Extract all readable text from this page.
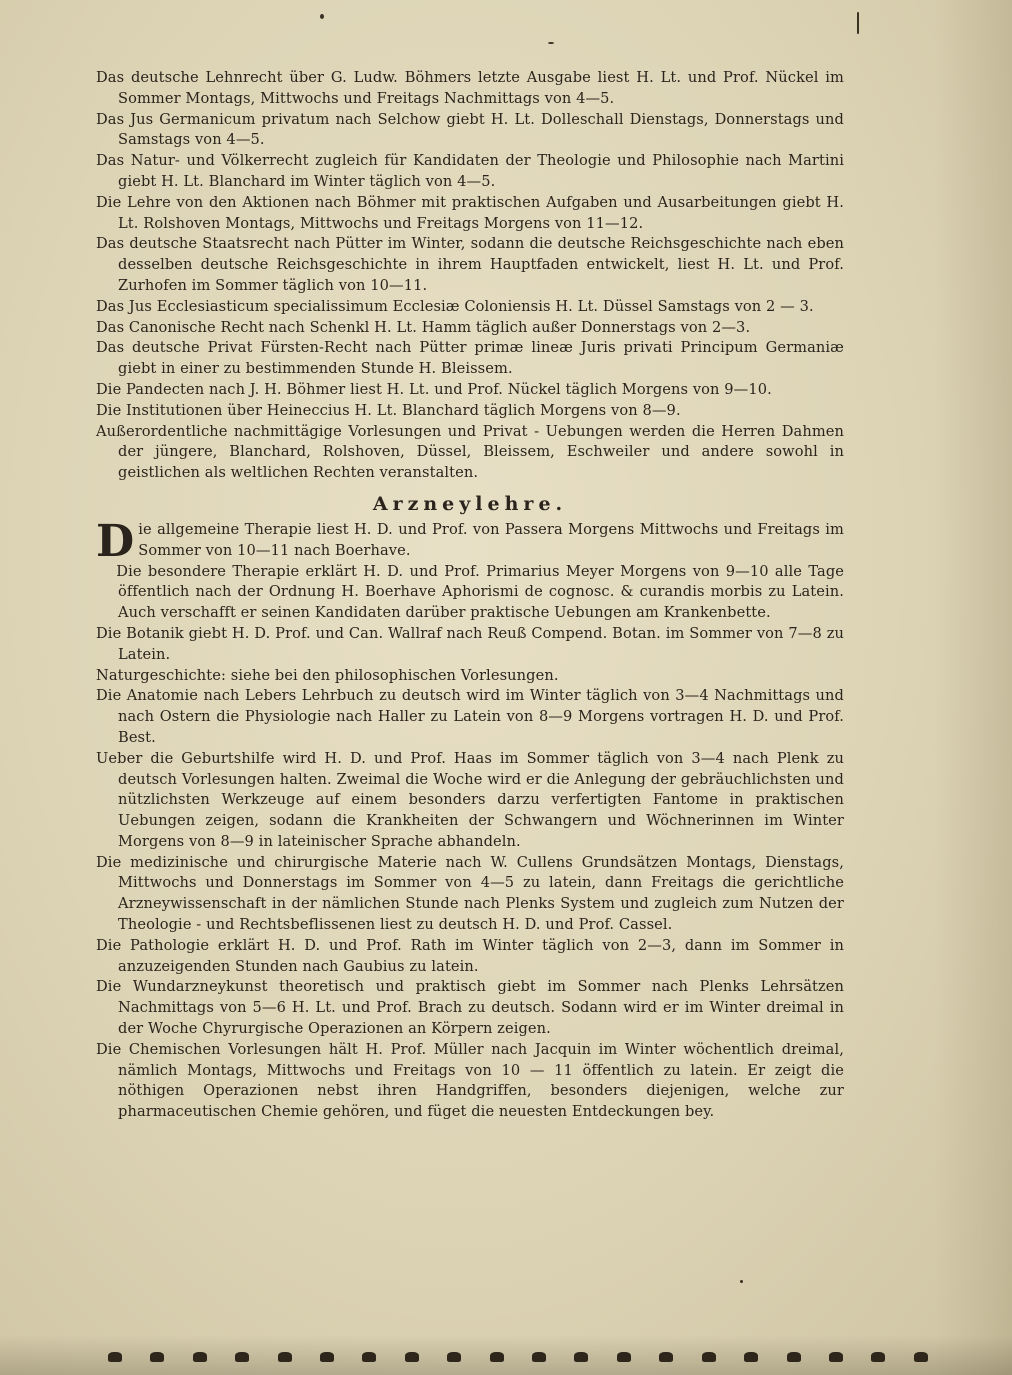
Das deutsche Lehnrecht über G. Ludw. Böhmers letzte Ausgabe liest H. Lt. und Prof. Nückel im Sommer Montags, Mittwochs und Freitags Nachmittags von 4—5.

Das Jus Germanicum privatum nach Selchow giebt H. Lt. Dolleschall Dienstags, Donnerstags und Samstags von 4—5.

Das Natur- und Völkerrecht zugleich für Kandidaten der Theologie und Philosophie nach Martini giebt H. Lt. Blanchard im Winter täglich von 4—5.

Die Lehre von den Aktionen nach Böhmer mit praktischen Aufgaben und Ausarbeitungen giebt H. Lt. Rolshoven Montags, Mittwochs und Freitags Morgens von 11—12.

Das deutsche Staatsrecht nach Pütter im Winter, sodann die deutsche Reichsgeschichte nach eben desselben deutsche Reichsgeschichte in ihrem Hauptfaden entwickelt, liest H. Lt. und Prof. Zurhofen im Sommer täglich von 10—11.

Das Jus Ecclesiasticum specialissimum Ecclesiæ Coloniensis H. Lt. Düssel Samstags von 2 — 3.

Das Canonische Recht nach Schenkl H. Lt. Hamm täglich außer Donnerstags von 2—3.

Das deutsche Privat Fürsten-Recht nach Pütter primæ lineæ Juris privati Principum Germaniæ giebt in einer zu bestimmenden Stunde H. Bleissem.

Die Pandecten nach J. H. Böhmer liest H. Lt. und Prof. Nückel täglich Morgens von 9—10.

Die Institutionen über Heineccius H. Lt. Blanchard täglich Morgens von 8—9.

Außerordentliche nachmittägige Vorlesungen und Privat - Uebungen werden die Herren Dahmen der jüngere, Blanchard, Rolshoven, Düssel, Bleissem, Eschweiler und andere sowohl in geistlichen als weltlichen Rechten veranstalten.

Arzneylehre.

Die allgemeine Therapie liest H. D. und Prof. von Passera Morgens Mittwochs und Freitags im Sommer von 10—11 nach Boerhave.

Die besondere Therapie erklärt H. D. und Prof. Primarius Meyer Morgens von 9—10 alle Tage öffentlich nach der Ordnung H. Boerhave Aphorismi de cognosc. & curandis morbis zu Latein. Auch verschafft er seinen Kandidaten darüber praktische Uebungen am Krankenbette.

Die Botanik giebt H. D. Prof. und Can. Wallraf nach Reuß Compend. Botan. im Sommer von 7—8 zu Latein.

Naturgeschichte: siehe bei den philosophischen Vorlesungen.

Die Anatomie nach Lebers Lehrbuch zu deutsch wird im Winter täglich von 3—4 Nachmittags und nach Ostern die Physiologie nach Haller zu Latein von 8—9 Morgens vortragen H. D. und Prof. Best.

Ueber die Geburtshilfe wird H. D. und Prof. Haas im Sommer täglich von 3—4 nach Plenk zu deutsch Vorlesungen halten. Zweimal die Woche wird er die Anlegung der gebräuchlichsten und nützlichsten Werkzeuge auf einem besonders darzu verfertigten Fantome in praktischen Uebungen zeigen, sodann die Krankheiten der Schwangern und Wöchnerinnen im Winter Morgens von 8—9 in lateinischer Sprache abhandeln.

Die medizinische und chirurgische Materie nach W. Cullens Grundsätzen Montags, Dienstags, Mittwochs und Donnerstags im Sommer von 4—5 zu latein, dann Freitags die gerichtliche Arzneywissenschaft in der nämlichen Stunde nach Plenks System und zugleich zum Nutzen der Theologie - und Rechtsbeflissenen liest zu deutsch H. D. und Prof. Cassel.

Die Pathologie erklärt H. D. und Prof. Rath im Winter täglich von 2—3, dann im Sommer in anzuzeigenden Stunden nach Gaubius zu latein.

Die Wundarzneykunst theoretisch und praktisch giebt im Sommer nach Plenks Lehrsätzen Nachmittags von 5—6 H. Lt. und Prof. Brach zu deutsch. Sodann wird er im Winter dreimal in der Woche Chyrurgische Operazionen an Körpern zeigen.

Die Chemischen Vorlesungen hält H. Prof. Müller nach Jacquin im Winter wöchentlich dreimal, nämlich Montags, Mittwochs und Freitags von 10 — 11 öffentlich zu latein. Er zeigt die nöthigen Operazionen nebst ihren Handgriffen, besonders diejenigen, welche zur pharmaceutischen Chemie gehören, und füget die neuesten Entdeckungen bey.
